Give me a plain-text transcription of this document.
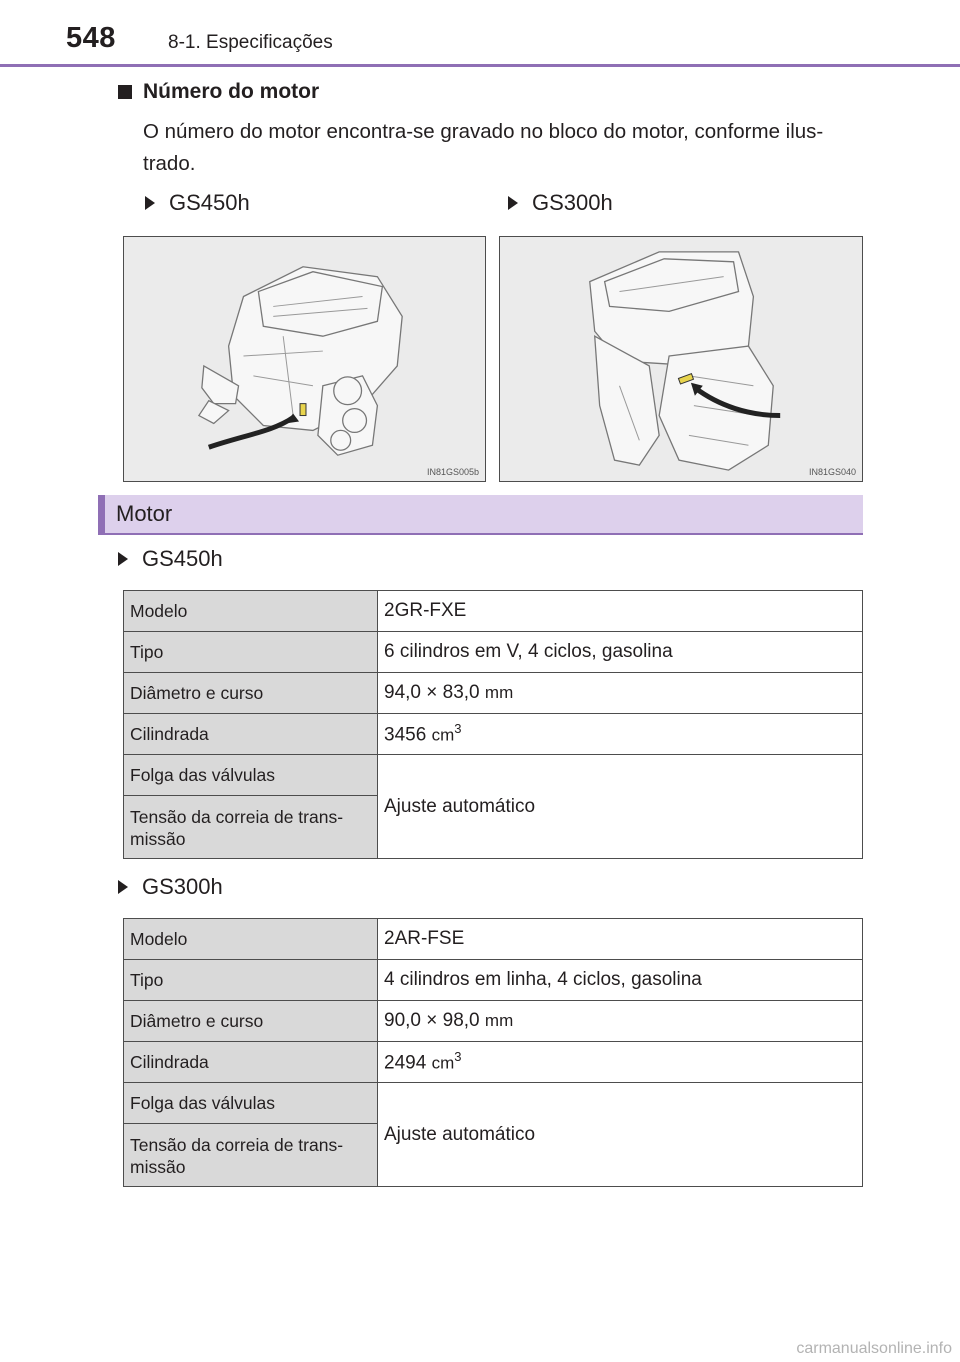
548	8-1. Especificações
Número do motor
O número do motor encontra-se gravado no bloco do motor, conforme ilus-trado.
GS450h	GS300h
IN81GS005b	IN81GS040
Motor
GS450h
Modelo	2GR-FXE
Tipo	6 cilindros em V, 4 ciclos, gasolina
Diâmetro e curso	94,0 × 83,0 mm
Cilindrada	3456 $cm^3$
Folga das válvulas	Ajuste automático
Tensão da correia de trans-missão	
GS300h
Modelo	2AR-FSE
Tipo	4 cilindros em linha, 4 ciclos, gasolina
Diâmetro e curso	90,0 × 98,0 mm
Cilindrada	2494 $cm^3$
Folga das válvulas	Ajuste automático
Tensão da correia de trans-missão	
carmanualsonline.info
